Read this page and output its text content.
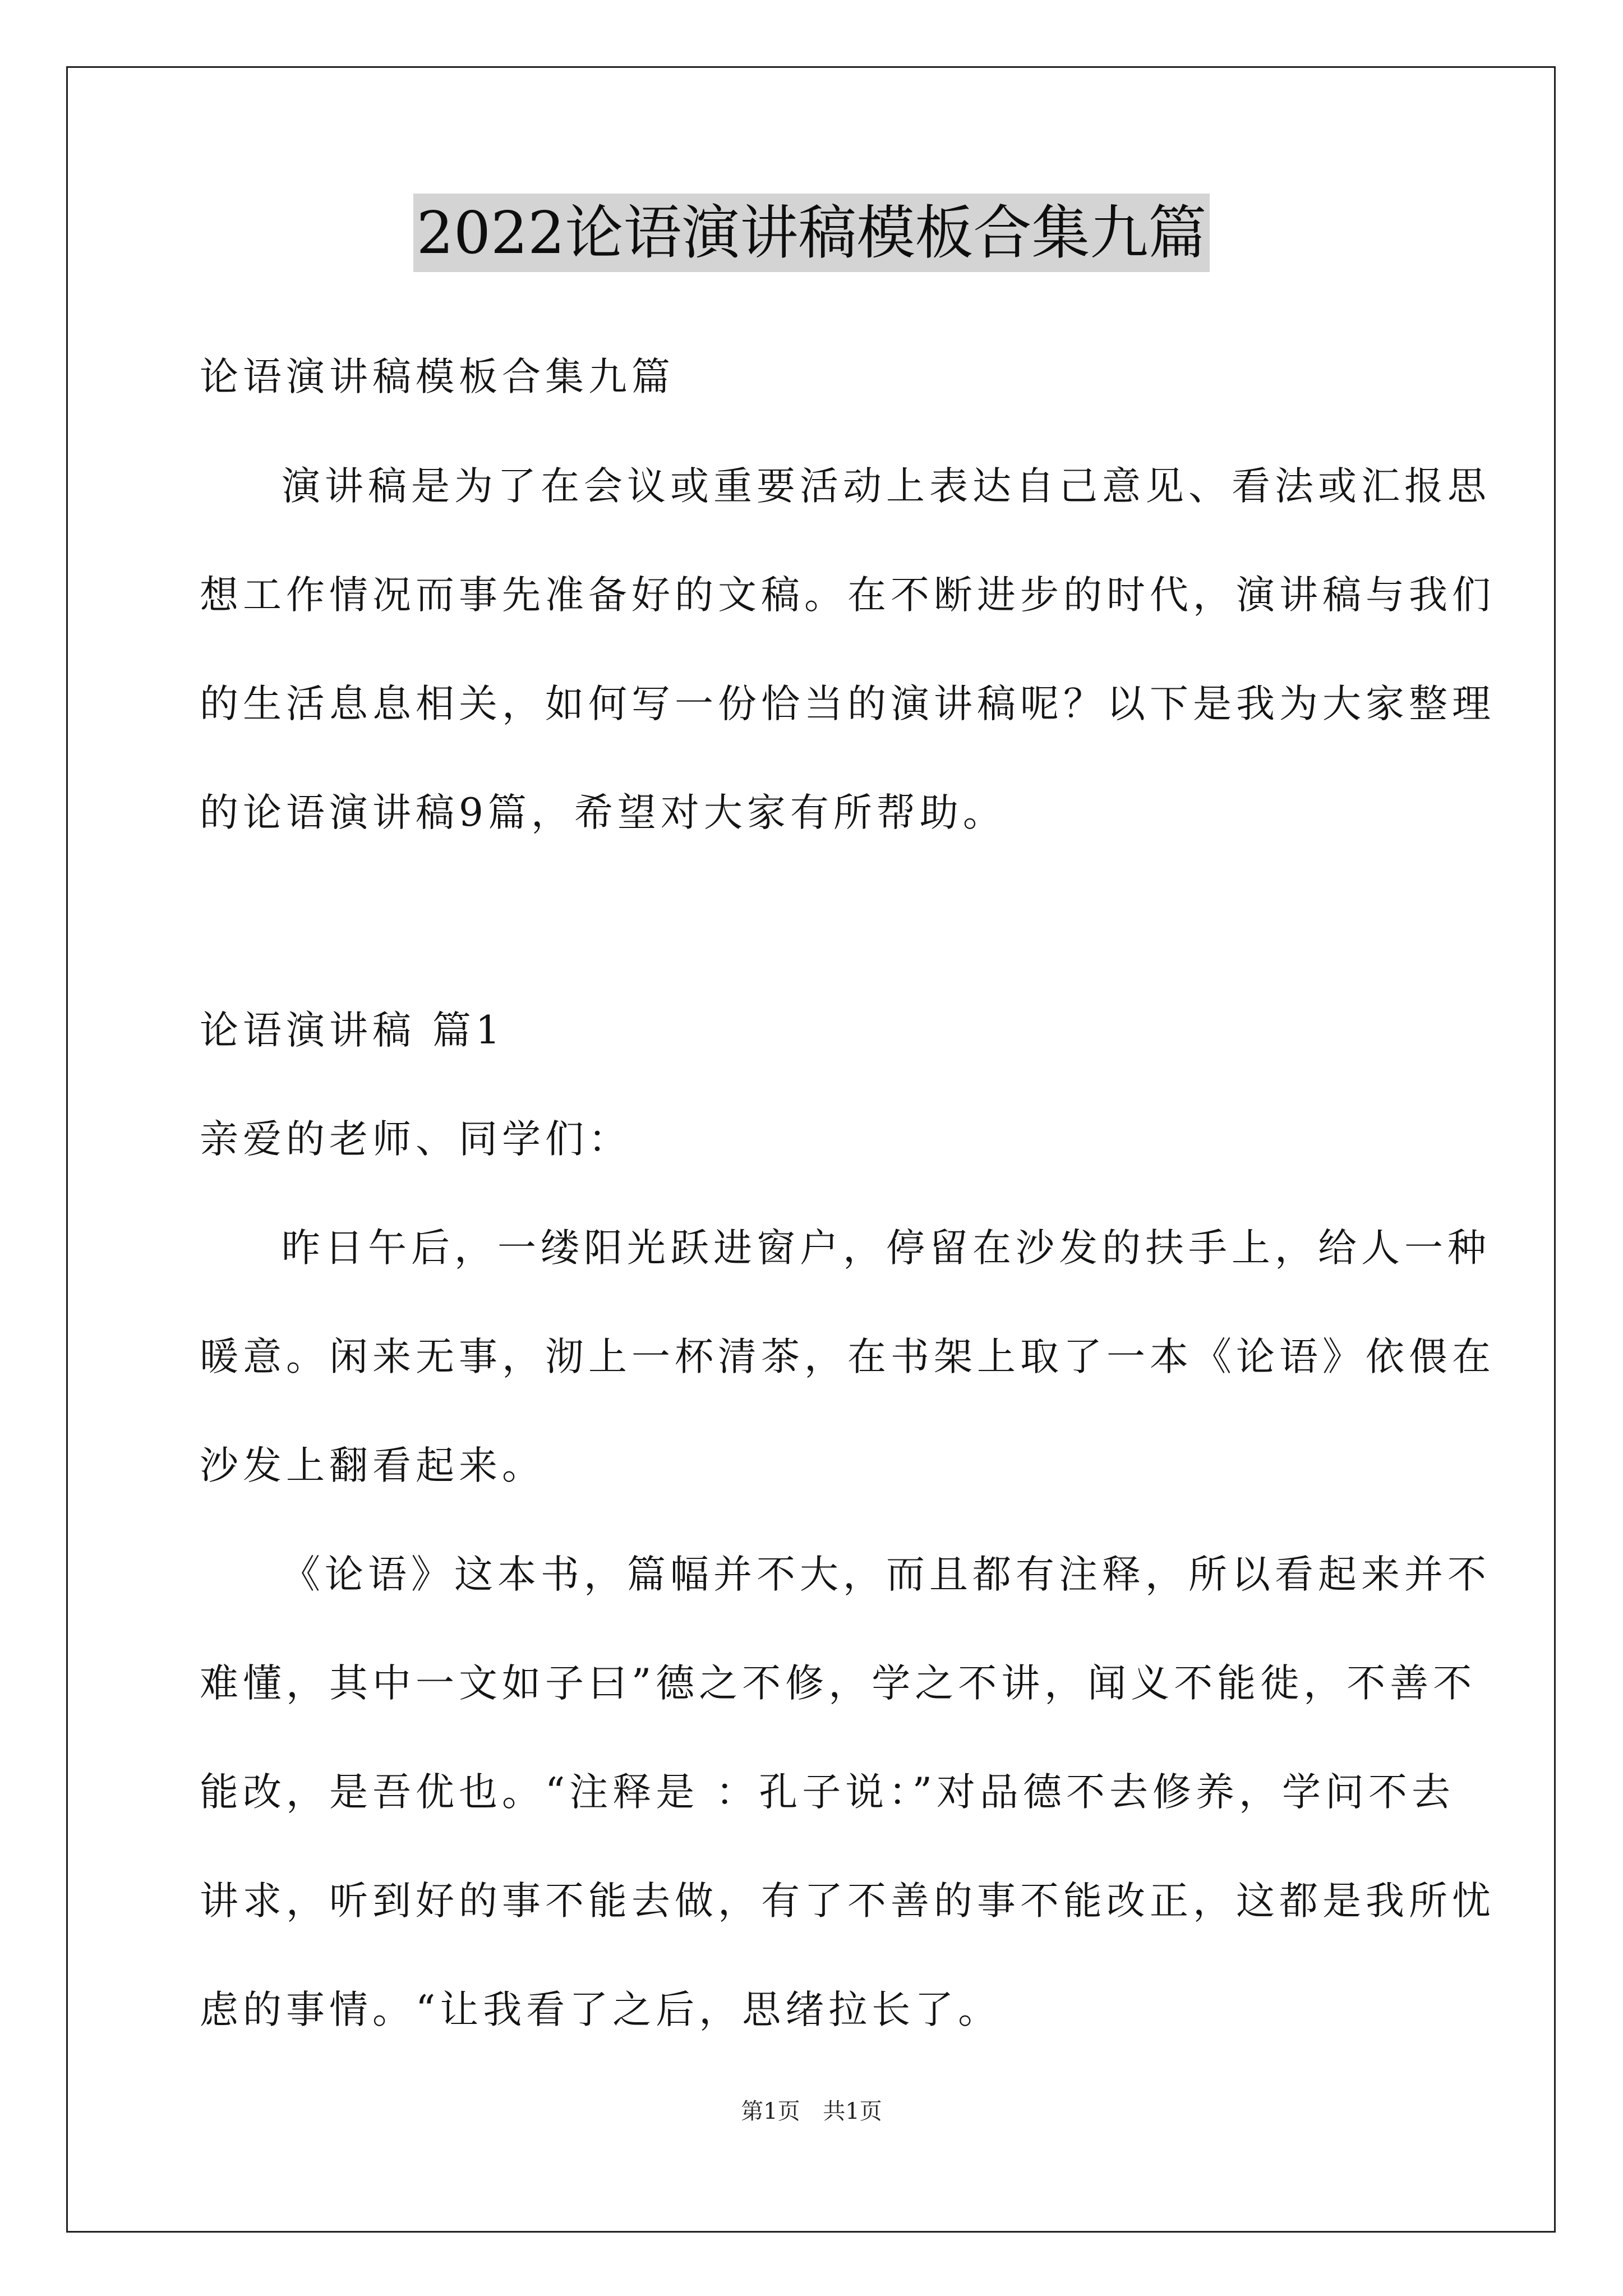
2022论语演讲稿模板合集九篇
论语演讲稿模板合集九篇
演讲稿是为了在会议或重要活动上表达自己意见、看法或汇报思
想工作情况而事先准备好的文稿。在不断进步的时代，演讲稿与我们
的生活息息相关，如何写一份恰当的演讲稿呢？以下是我为大家整理
的论语演讲稿9篇，希望对大家有所帮助。
论语演讲稿 篇1
亲爱的老师、同学们：
昨日午后，一缕阳光跃进窗户，停留在沙发的扶手上，给人一种
暖意。闲来无事，沏上一杯清茶，在书架上取了一本《论语》依偎在
沙发上翻看起来。
《论语》这本书，篇幅并不大，而且都有注释，所以看起来并不
难懂，其中一文如子曰”德之不修，学之不讲，闻义不能徙，不善不
能改，是吾优也。“注释是 ：孔子说：”对品德不去修养，学问不去
讲求，听到好的事不能去做，有了不善的事不能改正，这都是我所忧
虑的事情。“让我看了之后，思绪拉长了。
第1页 共1页
